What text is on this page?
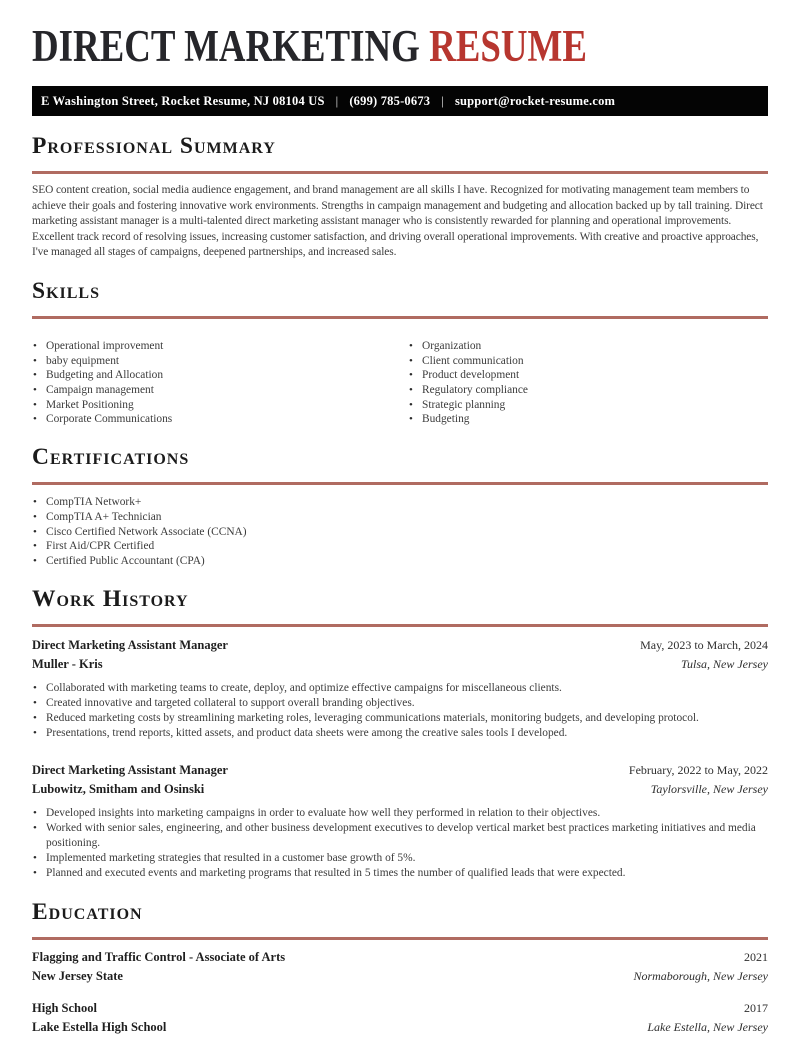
DIRECT MARKETING RESUME
E Washington Street, Rocket Resume, NJ 08104 US | (699) 785-0673 | support@rocket-resume.com
Professional Summary

SEO content creation, social media audience engagement, and brand management are all skills I have. Recognized for motivating management team members to achieve their goals and fostering innovative work environments. Strengths in campaign management and budgeting and allocation backed up by tall training. Direct marketing assistant manager is a multi-talented direct marketing assistant manager who is consistently rewarded for planning and operational improvements. Excellent track record of resolving issues, increasing customer satisfaction, and driving overall operational improvements. With creative and proactive approaches, I've managed all stages of campaigns, deepened partnerships, and increased sales.

Skills
• Operational improvement
• baby equipment
• Budgeting and Allocation
• Campaign management
• Market Positioning
• Corporate Communications
• Organization
• Client communication
• Product development
• Regulatory compliance
• Strategic planning
• Budgeting
Certifications
• CompTIA Network+
• CompTIA A+ Technician
• Cisco Certified Network Associate (CCNA)
• First Aid/CPR Certified
• Certified Public Accountant (CPA)
Work History
Direct Marketing Assistant Manager	May, 2023 to March, 2024
Muller - Kris	Tulsa, New Jersey
• Collaborated with marketing teams to create, deploy, and optimize effective campaigns for miscellaneous clients.
• Created innovative and targeted collateral to support overall branding objectives.
• Reduced marketing costs by streamlining marketing roles, leveraging communications materials, monitoring budgets, and developing protocol.
• Presentations, trend reports, kitted assets, and product data sheets were among the creative sales tools I developed.
Direct Marketing Assistant Manager	February, 2022 to May, 2022
Lubowitz, Smitham and Osinski	Taylorsville, New Jersey
• Developed insights into marketing campaigns in order to evaluate how well they performed in relation to their objectives.
• Worked with senior sales, engineering, and other business development executives to develop vertical market best practices marketing initiatives and media positioning.
• Implemented marketing strategies that resulted in a customer base growth of 5%.
• Planned and executed events and marketing programs that resulted in 5 times the number of qualified leads that were expected.
Education
Flagging and Traffic Control - Associate of Arts	2021
New Jersey State	Normaborough, New Jersey
High School	2017
Lake Estella High School	Lake Estella, New Jersey
